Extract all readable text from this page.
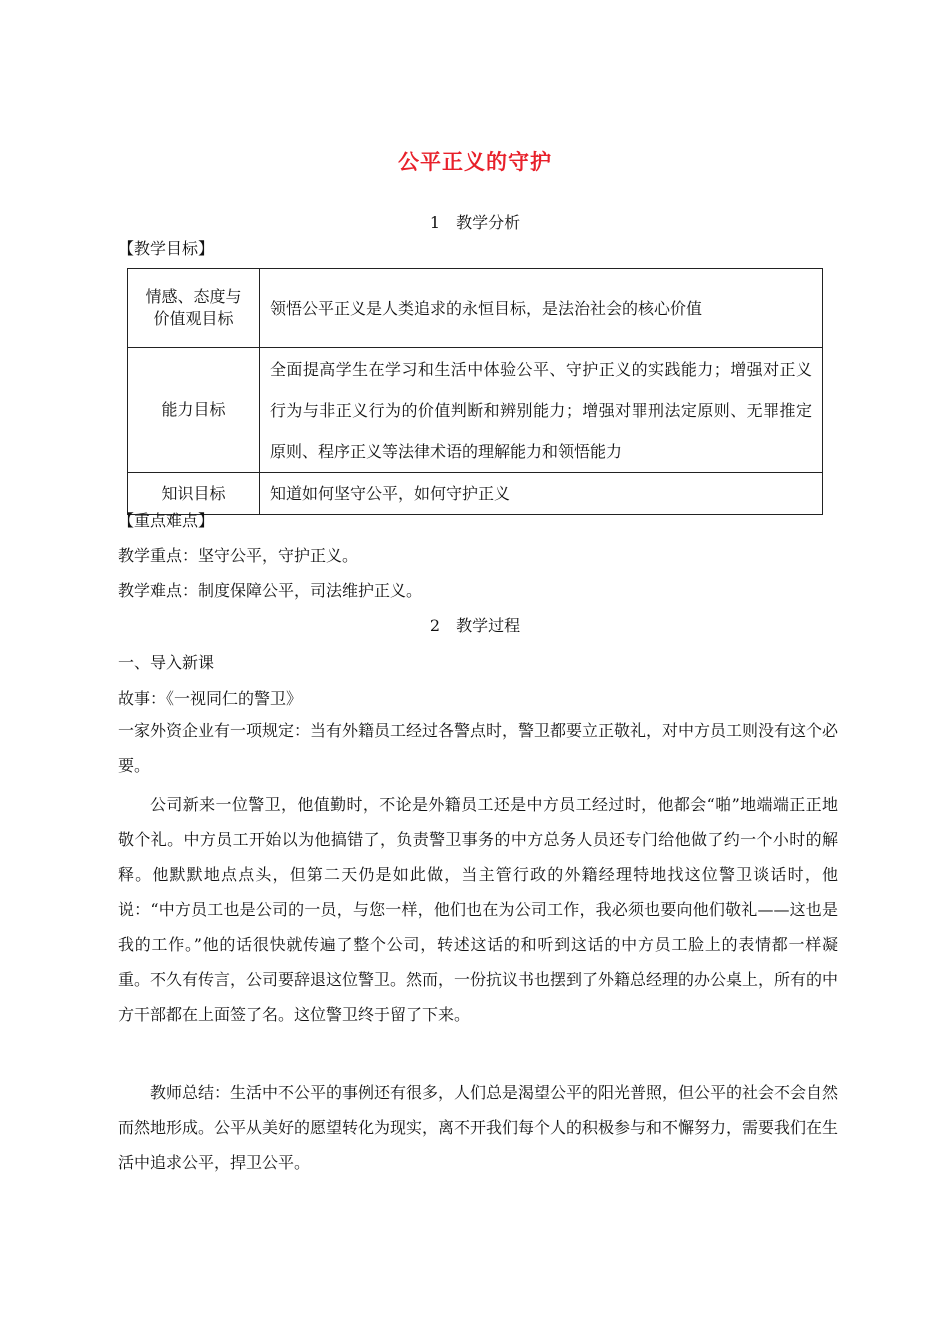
公平正义的守护
1 教学分析
【教学目标】
情感、态度与价值观目标	领悟公平正义是人类追求的永恒目标，是法治社会的核心价值
能力目标	全面提高学生在学习和生活中体验公平、守护正义的实践能力；增强对正义行为与非正义行为的价值判断和辨别能力；增强对罪刑法定原则、无罪推定原则、程序正义等法律术语的理解能力和领悟能力
知识目标	知道如何坚守公平，如何守护正义
【重点难点】
教学重点：坚守公平，守护正义。
教学难点：制度保障公平，司法维护正义。
2 教学过程
一、导入新课
故事：《一视同仁的警卫》
一家外资企业有一项规定：当有外籍员工经过各警点时，警卫都要立正敬礼，对中方员工则没有这个必要。
公司新来一位警卫，他值勤时，不论是外籍员工还是中方员工经过时，他都会“啪”地端端正正地敬个礼。中方员工开始以为他搞错了，负责警卫事务的中方总务人员还专门给他做了约一个小时的解释。他默默地点点头，但第二天仍是如此做，当主管行政的外籍经理特地找这位警卫谈话时，他说：“中方员工也是公司的一员，与您一样，他们也在为公司工作，我必须也要向他们敬礼——这也是我的工作。”他的话很快就传遍了整个公司，转述这话的和听到这话的中方员工脸上的表情都一样凝重。不久有传言，公司要辞退这位警卫。然而，一份抗议书也摆到了外籍总经理的办公桌上，所有的中方干部都在上面签了名。这位警卫终于留了下来。
教师总结：生活中不公平的事例还有很多，人们总是渴望公平的阳光普照，但公平的社会不会自然而然地形成。公平从美好的愿望转化为现实，离不开我们每个人的积极参与和不懈努力，需要我们在生活中追求公平，捍卫公平。
